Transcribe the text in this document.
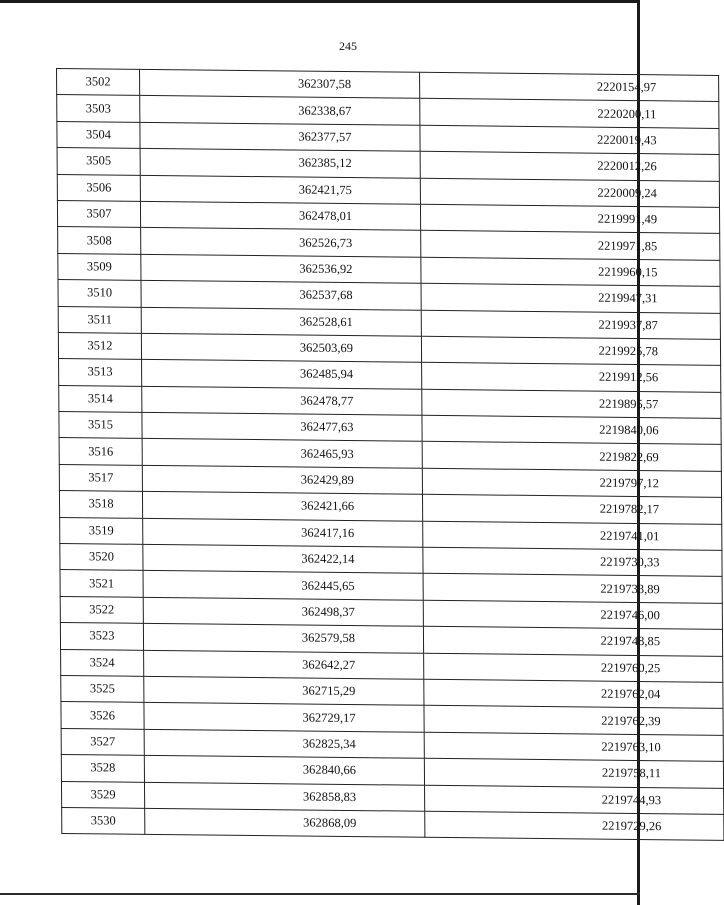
245
3502	362307,58	2220154,97
3503	362338,67	2220200,11
3504	362377,57	2220019,43
3505	362385,12	2220012,26
3506	362421,75	2220009,24
3507	362478,01	2219991,49
3508	362526,73	2219971,85
3509	362536,92	2219960,15
3510	362537,68	2219947,31
3511	362528,61	2219937,87
3512	362503,69	2219925,78
3513	362485,94	2219912,56
3514	362478,77	2219895,57
3515	362477,63	2219840,06
3516	362465,93	2219822,69
3517	362429,89	2219797,12
3518	362421,66	2219782,17
3519	362417,16	2219741,01
3520	362422,14	2219730,33
3521	362445,65	2219733,89
3522	362498,37	2219746,00
3523	362579,58	2219748,85
3524	362642,27	2219760,25
3525	362715,29	2219762,04
3526	362729,17	2219762,39
3527	362825,34	2219763,10
3528	362840,66	2219758,11
3529	362858,83	2219744,93
3530	362868,09	2219729,26
